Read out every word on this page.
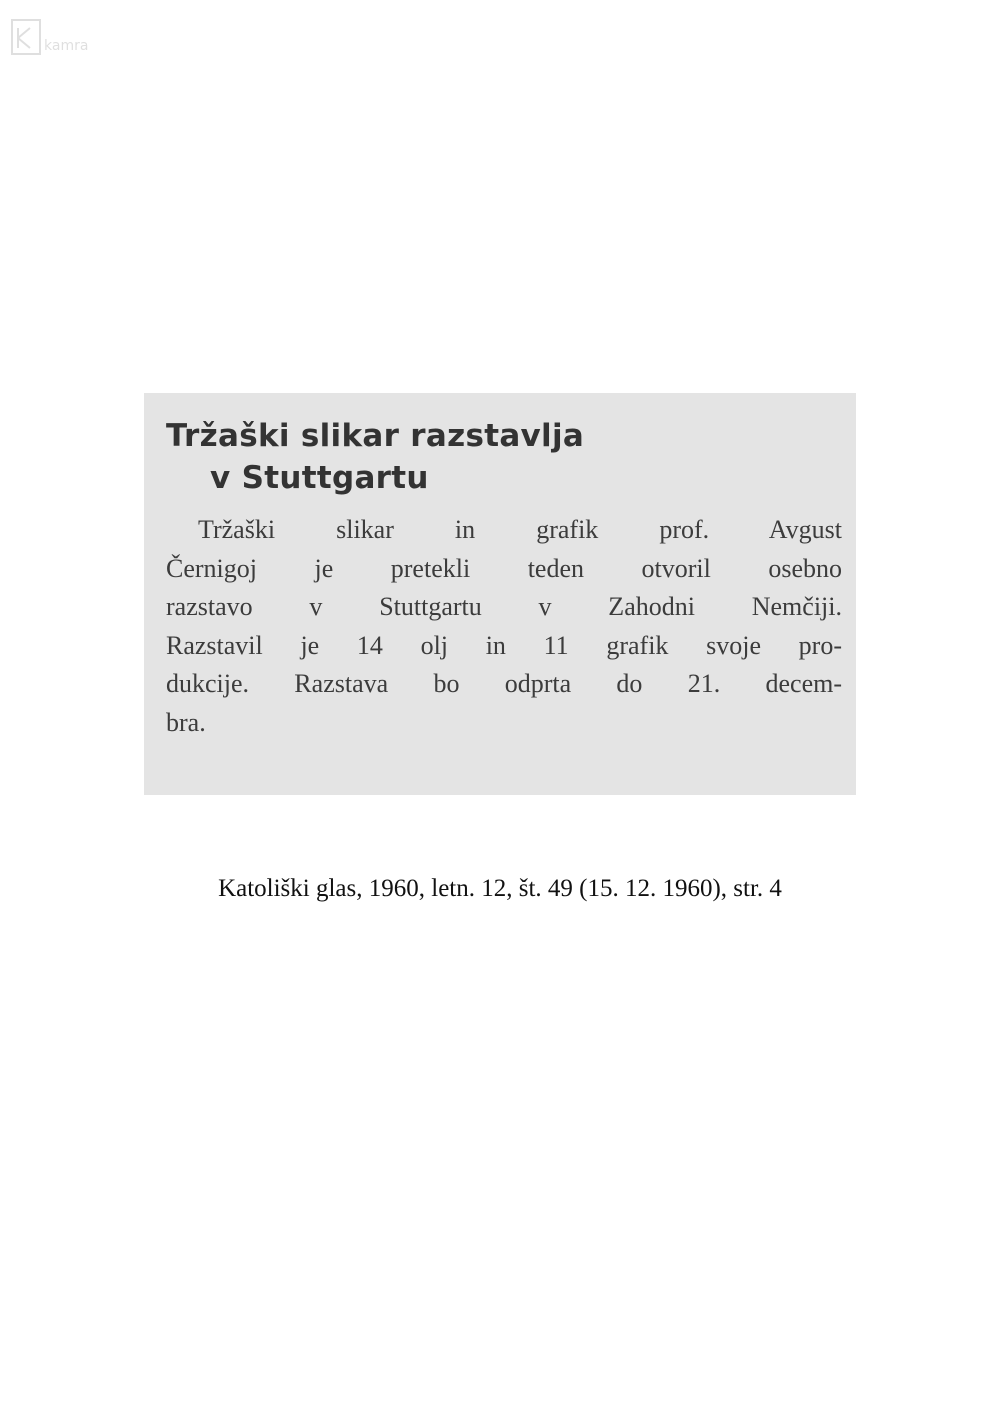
kamra
Tržaški slikar razstavlja
v Stuttgartu
Tržaški slikar in grafik prof. Avgust
Černigoj je pretekli teden otvoril osebno
razstavo v Stuttgartu v Zahodni Nemčiji.
Razstavil je 14 olj in 11 grafik svoje pro-
dukcije. Razstava bo odprta do 21. decem-
bra.
Katoliški glas, 1960, letn. 12, št. 49 (15. 12. 1960), str. 4
